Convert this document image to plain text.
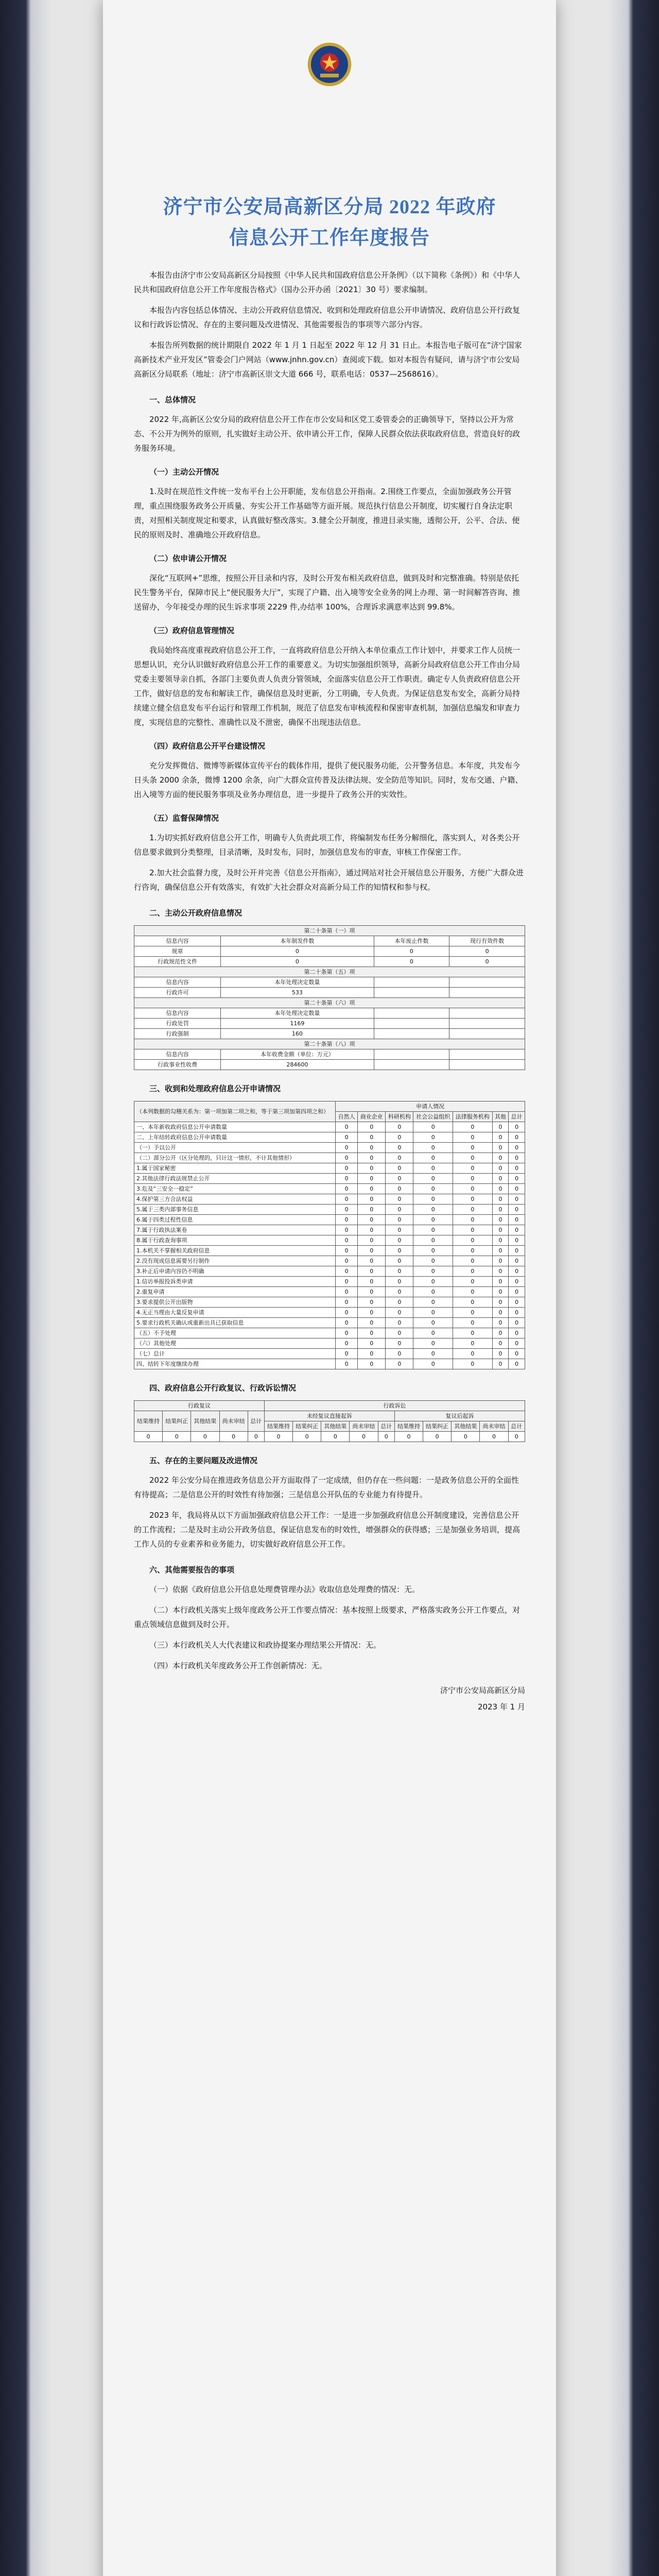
济宁市公安局高新区分局 2022 年政府
信息公开工作年度报告

本报告由济宁市公安局高新区分局按照《中华人民共和国政府信息公开条例》（以下简称《条例》）和《中华人民共和国政府信息公开工作年度报告格式》（国办公开办函〔2021〕30 号）要求编制。

本报告内容包括总体情况、主动公开政府信息情况、收到和处理政府信息公开申请情况、政府信息公开行政复议和行政诉讼情况、存在的主要问题及改进情况、其他需要报告的事项等六部分内容。

本报告所列数据的统计期限自 2022 年 1 月 1 日起至 2022 年 12 月 31 日止。本报告电子版可在“济宁国家高新技术产业开发区”管委会门户网站（www.jnhn.gov.cn）查阅或下载。如对本报告有疑问，请与济宁市公安局高新区分局联系（地址：济宁市高新区崇文大道 666 号，联系电话：0537—2568616）。

一、总体情况

2022 年,高新区公安分局的政府信息公开工作在市公安局和区党工委管委会的正确领导下，坚持以公开为常态、不公开为例外的原则，扎实做好主动公开、依申请公开工作，保障人民群众依法获取政府信息，营造良好的政务服务环境。

（一）主动公开情况

1.及时在规范性文件统一发布平台上公开职能，发布信息公开指南。2.围绕工作要点，全面加强政务公开管理，重点围绕服务政务公开质量、夯实公开工作基础等方面开展。规范执行信息公开制度，切实履行自身法定职责，对照相关制度规定和要求，认真做好整改落实。3.健全公开制度，推进目录实施，透彻公开，公平、合法、便民的原则及时、准确地公开政府信息。

（二）依申请公开情况

深化“互联网+”思维，按照公开目录和内容，及时公开发布相关政府信息，做到及时和完整准确。特别是依托民生警务平台，保障市民上“便民服务大厅”，实现了户籍、出入境等安全业务的网上办理、第一时间解答咨询、推送留办，今年接受办理的民生诉求事项 2229 件,办结率 100%，合理诉求满意率达到 99.8%。

（三）政府信息管理情况

我局始终高度重视政府信息公开工作，一直将政府信息公开纳入本单位重点工作计划中，并要求工作人员统一思想认识，充分认识做好政府信息公开工作的重要意义。为切实加强组织领导，高新分局政府信息公开工作由分局党委主要领导亲自抓，各部门主要负责人负责分管领域，全面落实信息公开工作职责。确定专人负责政府信息公开工作，做好信息的发布和解读工作，确保信息及时更新，分工明确，专人负责。为保证信息发布安全，高新分局持续建立健全信息发布平台运行和管理工作机制，规范了信息发布审核流程和保密审查机制，加强信息编发和审查力度，实现信息的完整性、准确性以及不泄密，确保不出现违法信息。

（四）政府信息公开平台建设情况

充分发挥微信、微博等新媒体宣传平台的载体作用，提供了便民服务功能，公开警务信息。本年度，共发布今日头条 2000 余条，微博 1200 余条，向广大群众宣传普及法律法规、安全防范等知识。同时，发布交通、户籍、出入境等方面的便民服务事项及业务办理信息，进一步提升了政务公开的实效性。

（五）监督保障情况

1.为切实抓好政府信息公开工作，明确专人负责此项工作，将编制发布任务分解细化，落实到人，对各类公开信息要求做到分类整理，目录清晰，及时发布，同时，加强信息发布的审查，审核工作保密工作。

2.加大社会监督力度，及时公开并完善《信息公开指南》，通过网站对社会开展信息公开服务，方便广大群众进行咨询，确保信息公开有效落实，有效扩大社会群众对高新分局工作的知情权和参与权。

二、主动公开政府信息情况
第二十条第（一）项			
信息内容	本年制发件数	本年废止件数	现行有效件数
规章	0	0	0
行政规范性文件	0	0	0
第二十条第（五）项			
信息内容	本年处理决定数量		
行政许可	533		
第二十条第（六）项			
信息内容	本年处理决定数量		
行政处罚	1169		
行政强制	160		
第二十条第（八）项			
信息内容	本年收费金额（单位：万元）		
行政事业性收费	284600		
三、收到和处理政府信息公开申请情况
（本列数据的勾稽关系为：第一项加第二项之和，等于第三项加第四项之和）	申请人情况						
	自然人	商业企业	科研机构	社会公益组织	法律服务机构	其他	总计
一、本年新收政府信息公开申请数量	0	0	0	0	0	0	0
二、上年结转政府信息公开申请数量	0	0	0	0	0	0	0
（一）予以公开	0	0	0	0	0	0	0
（二）部分公开（区分处理的，只计这一情形，不计其他情形）	0	0	0	0	0	0	0
1.属于国家秘密	0	0	0	0	0	0	0
2.其他法律行政法规禁止公开	0	0	0	0	0	0	0
3.危及“三安全一稳定”	0	0	0	0	0	0	0
4.保护第三方合法权益	0	0	0	0	0	0	0
5.属于三类内部事务信息	0	0	0	0	0	0	0
6.属于四类过程性信息	0	0	0	0	0	0	0
7.属于行政执法案卷	0	0	0	0	0	0	0
8.属于行政查询事项	0	0	0	0	0	0	0
1.本机关不掌握相关政府信息	0	0	0	0	0	0	0
2.没有现成信息需要另行制作	0	0	0	0	0	0	0
3.补正后申请内容仍不明确	0	0	0	0	0	0	0
1.信访举报投诉类申请	0	0	0	0	0	0	0
2.重复申请	0	0	0	0	0	0	0
3.要求提供公开出版物	0	0	0	0	0	0	0
4.无正当理由大量反复申请	0	0	0	0	0	0	0
5.要求行政机关确认或重新出具已获取信息	0	0	0	0	0	0	0
（五）不予处理	0	0	0	0	0	0	0
（六）其他处理	0	0	0	0	0	0	0
（七）总计	0	0	0	0	0	0	0
四、结转下年度继续办理	0	0	0	0	0	0	0
四、政府信息公开行政复议、行政诉讼情况
行政复议					行政诉讼									
结果维持	结果纠正	其他结果	尚未审结	总计	未经复议直接起诉					复议后起诉				
					结果维持	结果纠正	其他结果	尚未审结	总计	结果维持	结果纠正	其他结果	尚未审结	总计
0	0	0	0	0	0	0	0	0	0	0	0	0	0	0
五、存在的主要问题及改进情况

2022 年公安分局在推进政务信息公开方面取得了一定成绩，但仍存在一些问题：一是政务信息公开的全面性有待提高；二是信息公开的时效性有待加强；三是信息公开队伍的专业能力有待提升。

2023 年，我局将从以下方面加强政府信息公开工作：一是进一步加强政府信息公开制度建设，完善信息公开的工作流程；二是及时主动公开政务信息，保证信息发布的时效性，增强群众的获得感；三是加强业务培训，提高工作人员的专业素养和业务能力，切实做好政府信息公开工作。

六、其他需要报告的事项

（一）依据《政府信息公开信息处理费管理办法》收取信息处理费的情况：无。

（二）本行政机关落实上级年度政务公开工作要点情况：基本按照上级要求，严格落实政务公开工作要点，对重点领域信息做到及时公开。

（三）本行政机关人大代表建议和政协提案办理结果公开情况：无。

（四）本行政机关年度政务公开工作创新情况：无。

济宁市公安局高新区分局
2023 年 1 月
